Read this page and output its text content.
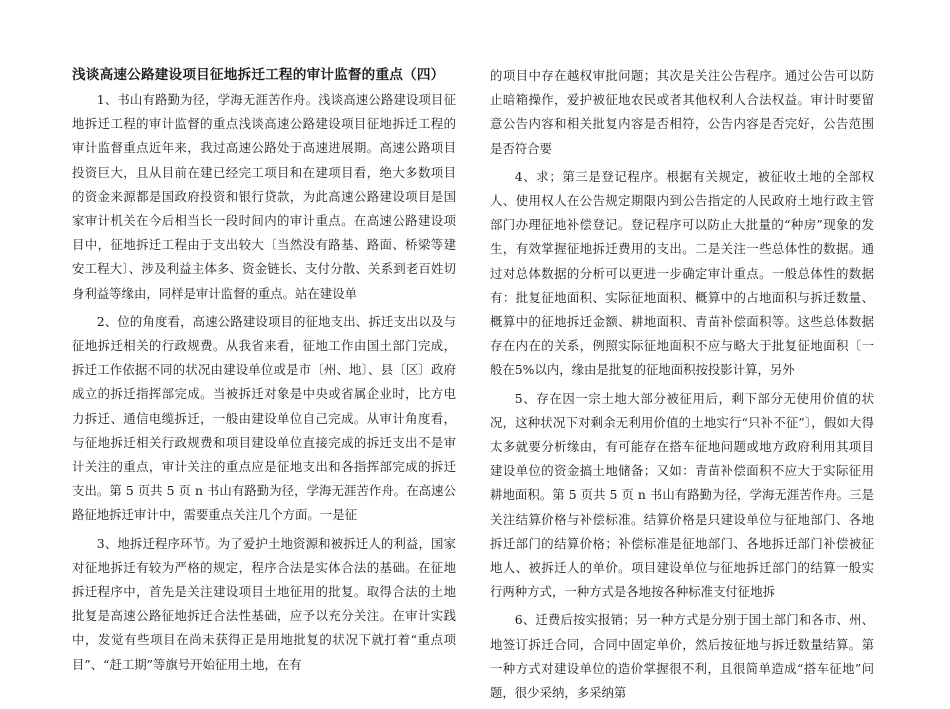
浅谈高速公路建设项目征地拆迁工程的审计监督的重点（四）

1、书山有路勤为径，学海无涯苦作舟。浅谈高速公路建设项目征地拆迁工程的审计监督的重点浅谈高速公路建设项目征地拆迁工程的审计监督重点近年来，我过高速公路处于高速进展期。高速公路项目投资巨大，且从目前在建已经完工项目和在建项目看，绝大多数项目的资金来源都是国政府投资和银行贷款，为此高速公路建设项目是国家审计机关在今后相当长一段时间内的审计重点。在高速公路建设项目中，征地拆迁工程由于支出较大〔当然没有路基、路面、桥梁等建安工程大〕、涉及利益主体多、资金链长、支付分散、关系到老百姓切身利益等缘由，同样是审计监督的重点。站在建设单

2、位的角度看，高速公路建设项目的征地支出、拆迁支出以及与征地拆迁相关的行政规费。从我省来看，征地工作由国土部门完成，拆迁工作依据不同的状况由建设单位或是市〔州、地〕、县〔区〕政府成立的拆迁指挥部完成。当被拆迁对象是中央或省属企业时，比方电力拆迁、通信电缆拆迁，一般由建设单位自己完成。从审计角度看，与征地拆迁相关行政规费和项目建设单位直接完成的拆迁支出不是审计关注的重点，审计关注的重点应是征地支出和各指挥部完成的拆迁支出。第 5 页共 5 页 n 书山有路勤为径，学海无涯苦作舟。在高速公路征地拆迁审计中，需要重点关注几个方面。一是征

3、地拆迁程序环节。为了爱护土地资源和被拆迁人的利益，国家对征地拆迁有较为严格的规定，程序合法是实体合法的基础。在征地拆迁程序中，首先是关注建设项目土地征用的批复。取得合法的土地批复是高速公路征地拆迁合法性基础，应予以充分关注。在审计实践中，发觉有些项目在尚未获得正是用地批复的状况下就打着“重点项目”、“赶工期”等旗号开始征用土地，在有

的项目中存在越权审批问题；其次是关注公告程序。通过公告可以防止暗箱操作，爱护被征地农民或者其他权利人合法权益。审计时要留意公告内容和相关批复内容是否相符，公告内容是否完好，公告范围是否符合要

4、求；第三是登记程序。根据有关规定，被征收土地的全部权人、使用权人在公告规定期限内到公告指定的人民政府土地行政主管部门办理征地补偿登记。登记程序可以防止大批量的“种房”现象的发生，有效掌握征地拆迁费用的支出。二是关注一些总体性的数据。通过对总体数据的分析可以更进一步确定审计重点。一般总体性的数据有：批复征地面积、实际征地面积、概算中的占地面积与拆迁数量、概算中的征地拆迁金额、耕地面积、青苗补偿面积等。这些总体数据存在内在的关系，例照实际征地面积不应与略大于批复征地面积〔一般在5%以内，缘由是批复的征地面积按投影计算，另外

5、存在因一宗土地大部分被征用后，剩下部分无使用价值的状况，这种状况下对剩余无利用价值的土地实行“只补不征”〕，假如大得太多就要分析缘由，有可能存在搭车征地问题或地方政府利用其项目建设单位的资金搞土地储备；又如：青苗补偿面积不应大于实际征用耕地面积。第 5 页共 5 页 n 书山有路勤为径，学海无涯苦作舟。三是关注结算价格与补偿标准。结算价格是只建设单位与征地部门、各地拆迁部门的结算价格；补偿标准是征地部门、各地拆迁部门补偿被征地人、被拆迁人的单价。项目建设单位与征地拆迁部门的结算一般实行两种方式，一种方式是各地按各种标准支付征地拆

6、迁费后按实报销；另一种方式是分别于国土部门和各市、州、地签订拆迁合同，合同中固定单价，然后按征地与拆迁数量结算。第一种方式对建设单位的造价掌握很不利，且很简单造成“搭车征地”问题，很少采纳，多采纳第
